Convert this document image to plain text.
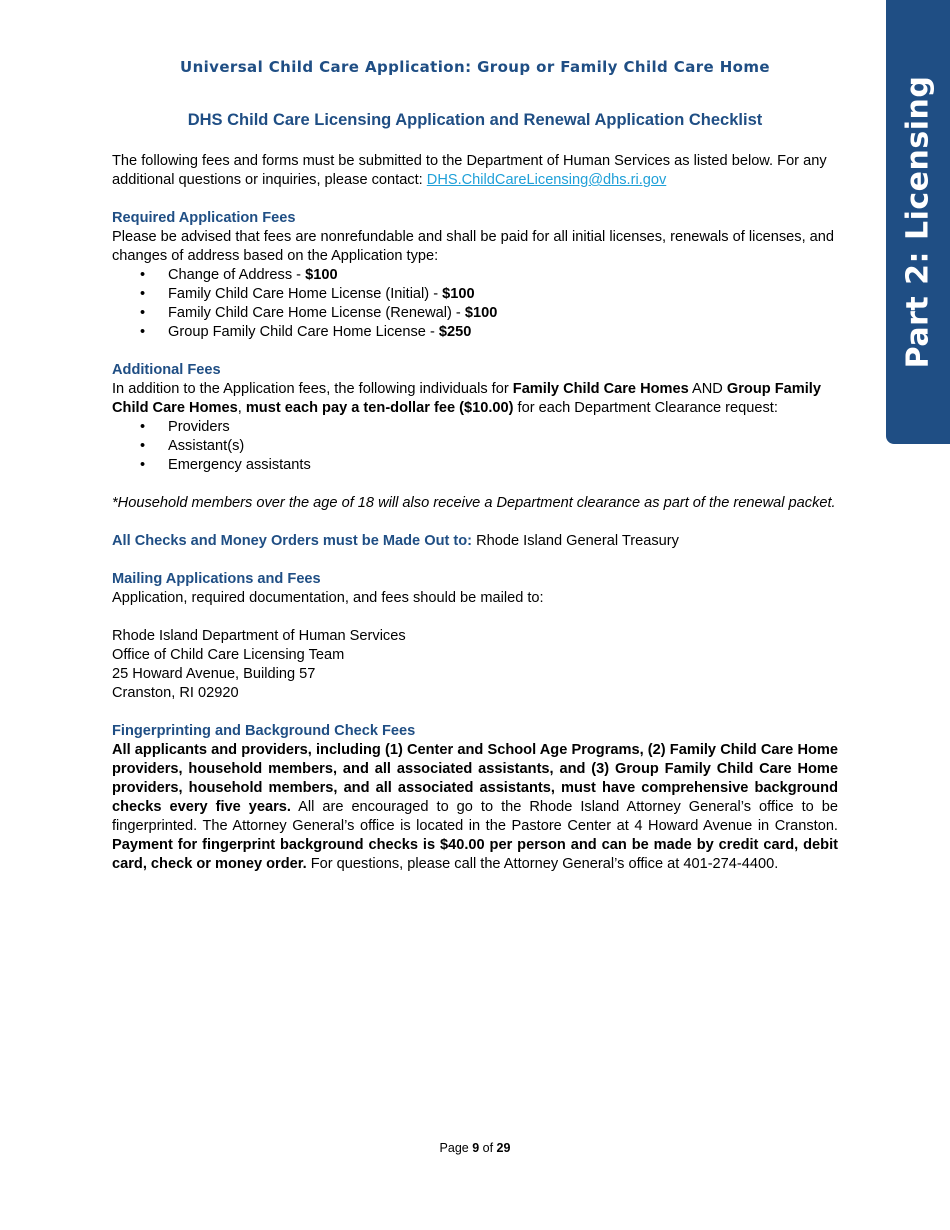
Part 2: Licensing
Universal Child Care Application: Group or Family Child Care Home
DHS Child Care Licensing Application and Renewal Application Checklist

The following fees and forms must be submitted to the Department of Human Services as listed below. For any additional questions or inquiries, please contact: DHS.ChildCareLicensing@dhs.ri.gov

Required Application Fees

Please be advised that fees are nonrefundable and shall be paid for all initial licenses, renewals of licenses, and changes of address based on the Application type:

• Change of Address - $100
• Family Child Care Home License (Initial) - $100
• Family Child Care Home License (Renewal) - $100
• Group Family Child Care Home License - $250

Additional Fees

In addition to the Application fees, the following individuals for Family Child Care Homes AND Group Family Child Care Homes, must each pay a ten-dollar fee ($10.00) for each Department Clearance request:

• Providers
• Assistant(s)
• Emergency assistants

*Household members over the age of 18 will also receive a Department clearance as part of the renewal packet.

All Checks and Money Orders must be Made Out to: Rhode Island General Treasury

Mailing Applications and Fees

Application, required documentation, and fees should be mailed to:

Rhode Island Department of Human Services

Office of Child Care Licensing Team

25 Howard Avenue, Building 57

Cranston, RI 02920

Fingerprinting and Background Check Fees

All applicants and providers, including (1) Center and School Age Programs, (2) Family Child Care Home providers, household members, and all associated assistants, and (3) Group Family Child Care Home providers, household members, and all associated assistants, must have comprehensive background checks every five years. All are encouraged to go to the Rhode Island Attorney General’s office to be fingerprinted. The Attorney General’s office is located in the Pastore Center at 4 Howard Avenue in Cranston. Payment for fingerprint background checks is $40.00 per person and can be made by credit card, debit card, check or money order. For questions, please call the Attorney General’s office at 401-274-4400.

Page 9 of 29
